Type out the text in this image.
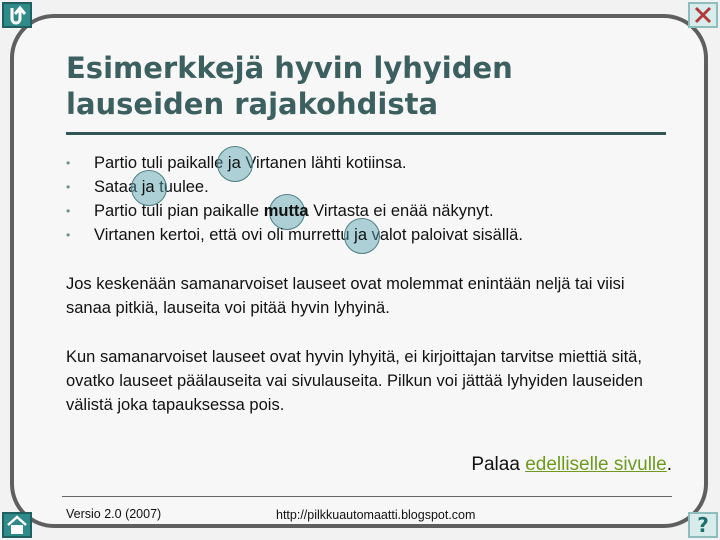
?
Esimerkkejä hyvin lyhyiden lauseiden rajakohdista
• Partio tuli paikalle ja Virtanen lähti kotiinsa.
• Sataa ja tuulee.
• Partio tuli pian paikalle mutta Virtasta ei enää näkynyt.
• Virtanen kertoi, että ovi oli murrettu ja valot paloivat sisällä.

Jos keskenään samanarvoiset lauseet ovat molemmat enintään neljä tai viisi sanaa pitkiä, lauseita voi pitää hyvin lyhyinä.

Kun samanarvoiset lauseet ovat hyvin lyhyitä, ei kirjoittajan tarvitse miettiä sitä, ovatko lauseet päälauseita vai sivulauseita. Pilkun voi jättää lyhyiden lauseiden välistä joka tapauksessa pois.

Palaa edelliselle sivulle.
Versio 2.0 (2007)	http://pilkkuautomaatti.blogspot.com
